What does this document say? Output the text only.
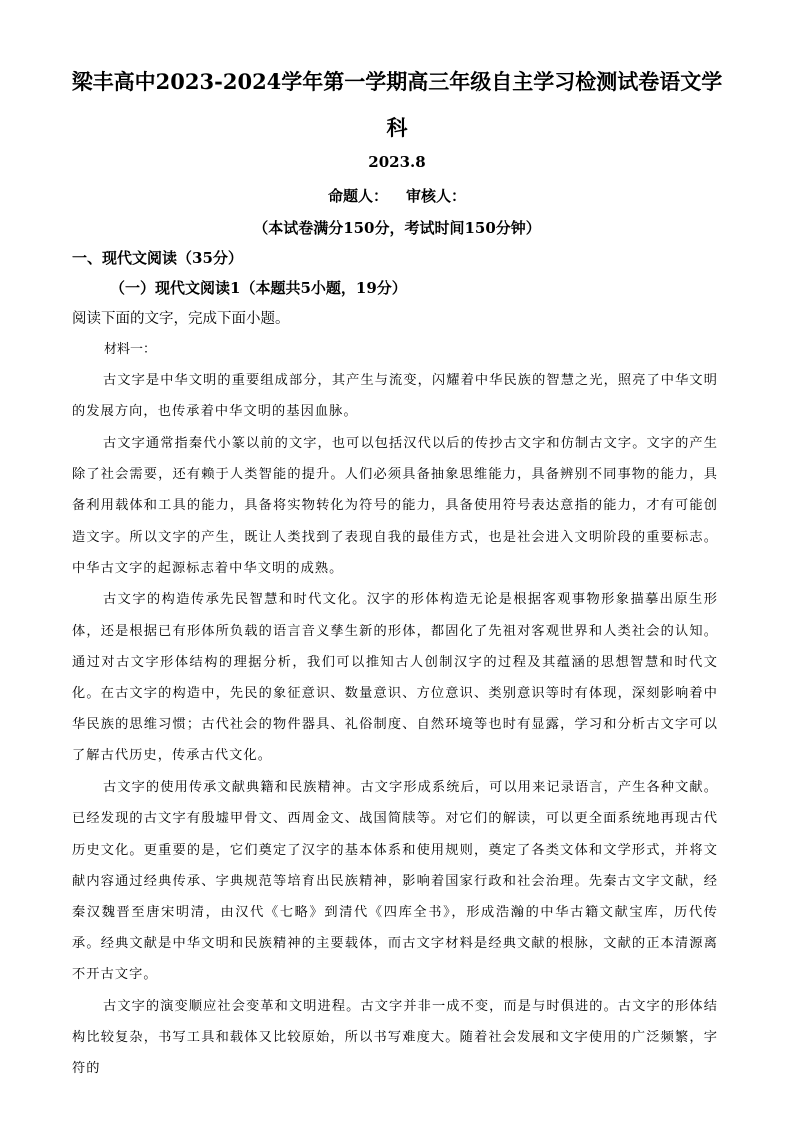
梁丰高中2023-2024学年第一学期高三年级自主学习检测试卷语文学
科

2023.8

命题人： 审核人：

（本试卷满分150分，考试时间150分钟）

一、现代文阅读（35分）

（一）现代文阅读1（本题共5小题，19分）

阅读下面的文字，完成下面小题。

材料一：

古文字是中华文明的重要组成部分，其产生与流变，闪耀着中华民族的智慧之光，照亮了中华文明的发展方向，也传承着中华文明的基因血脉。

古文字通常指秦代小篆以前的文字，也可以包括汉代以后的传抄古文字和仿制古文字。文字的产生除了社会需要，还有赖于人类智能的提升。人们必须具备抽象思维能力，具备辨别不同事物的能力，具备利用载体和工具的能力，具备将实物转化为符号的能力，具备使用符号表达意指的能力，才有可能创造文字。所以文字的产生，既让人类找到了表现自我的最佳方式，也是社会进入文明阶段的重要标志。中华古文字的起源标志着中华文明的成熟。

古文字的构造传承先民智慧和时代文化。汉字的形体构造无论是根据客观事物形象描摹出原生形体，还是根据已有形体所负载的语言音义孳生新的形体，都固化了先祖对客观世界和人类社会的认知。通过对古文字形体结构的理据分析，我们可以推知古人创制汉字的过程及其蕴涵的思想智慧和时代文化。在古文字的构造中，先民的象征意识、数量意识、方位意识、类别意识等时有体现，深刻影响着中华民族的思维习惯；古代社会的物件器具、礼俗制度、自然环境等也时有显露，学习和分析古文字可以了解古代历史，传承古代文化。

古文字的使用传承文献典籍和民族精神。古文字形成系统后，可以用来记录语言，产生各种文献。已经发现的古文字有殷墟甲骨文、西周金文、战国简牍等。对它们的解读，可以更全面系统地再现古代历史文化。更重要的是，它们奠定了汉字的基本体系和使用规则，奠定了各类文体和文学形式，并将文献内容通过经典传承、字典规范等培育出民族精神，影响着国家行政和社会治理。先秦古文字文献，经秦汉魏晋至唐宋明清，由汉代《七略》到清代《四库全书》，形成浩瀚的中华古籍文献宝库，历代传承。经典文献是中华文明和民族精神的主要载体，而古文字材料是经典文献的根脉，文献的正本清源离不开古文字。

古文字的演变顺应社会变革和文明进程。古文字并非一成不变，而是与时俱进的。古文字的形体结构比较复杂，书写工具和载体又比较原始，所以书写难度大。随着社会发展和文字使用的广泛频繁，字符的
